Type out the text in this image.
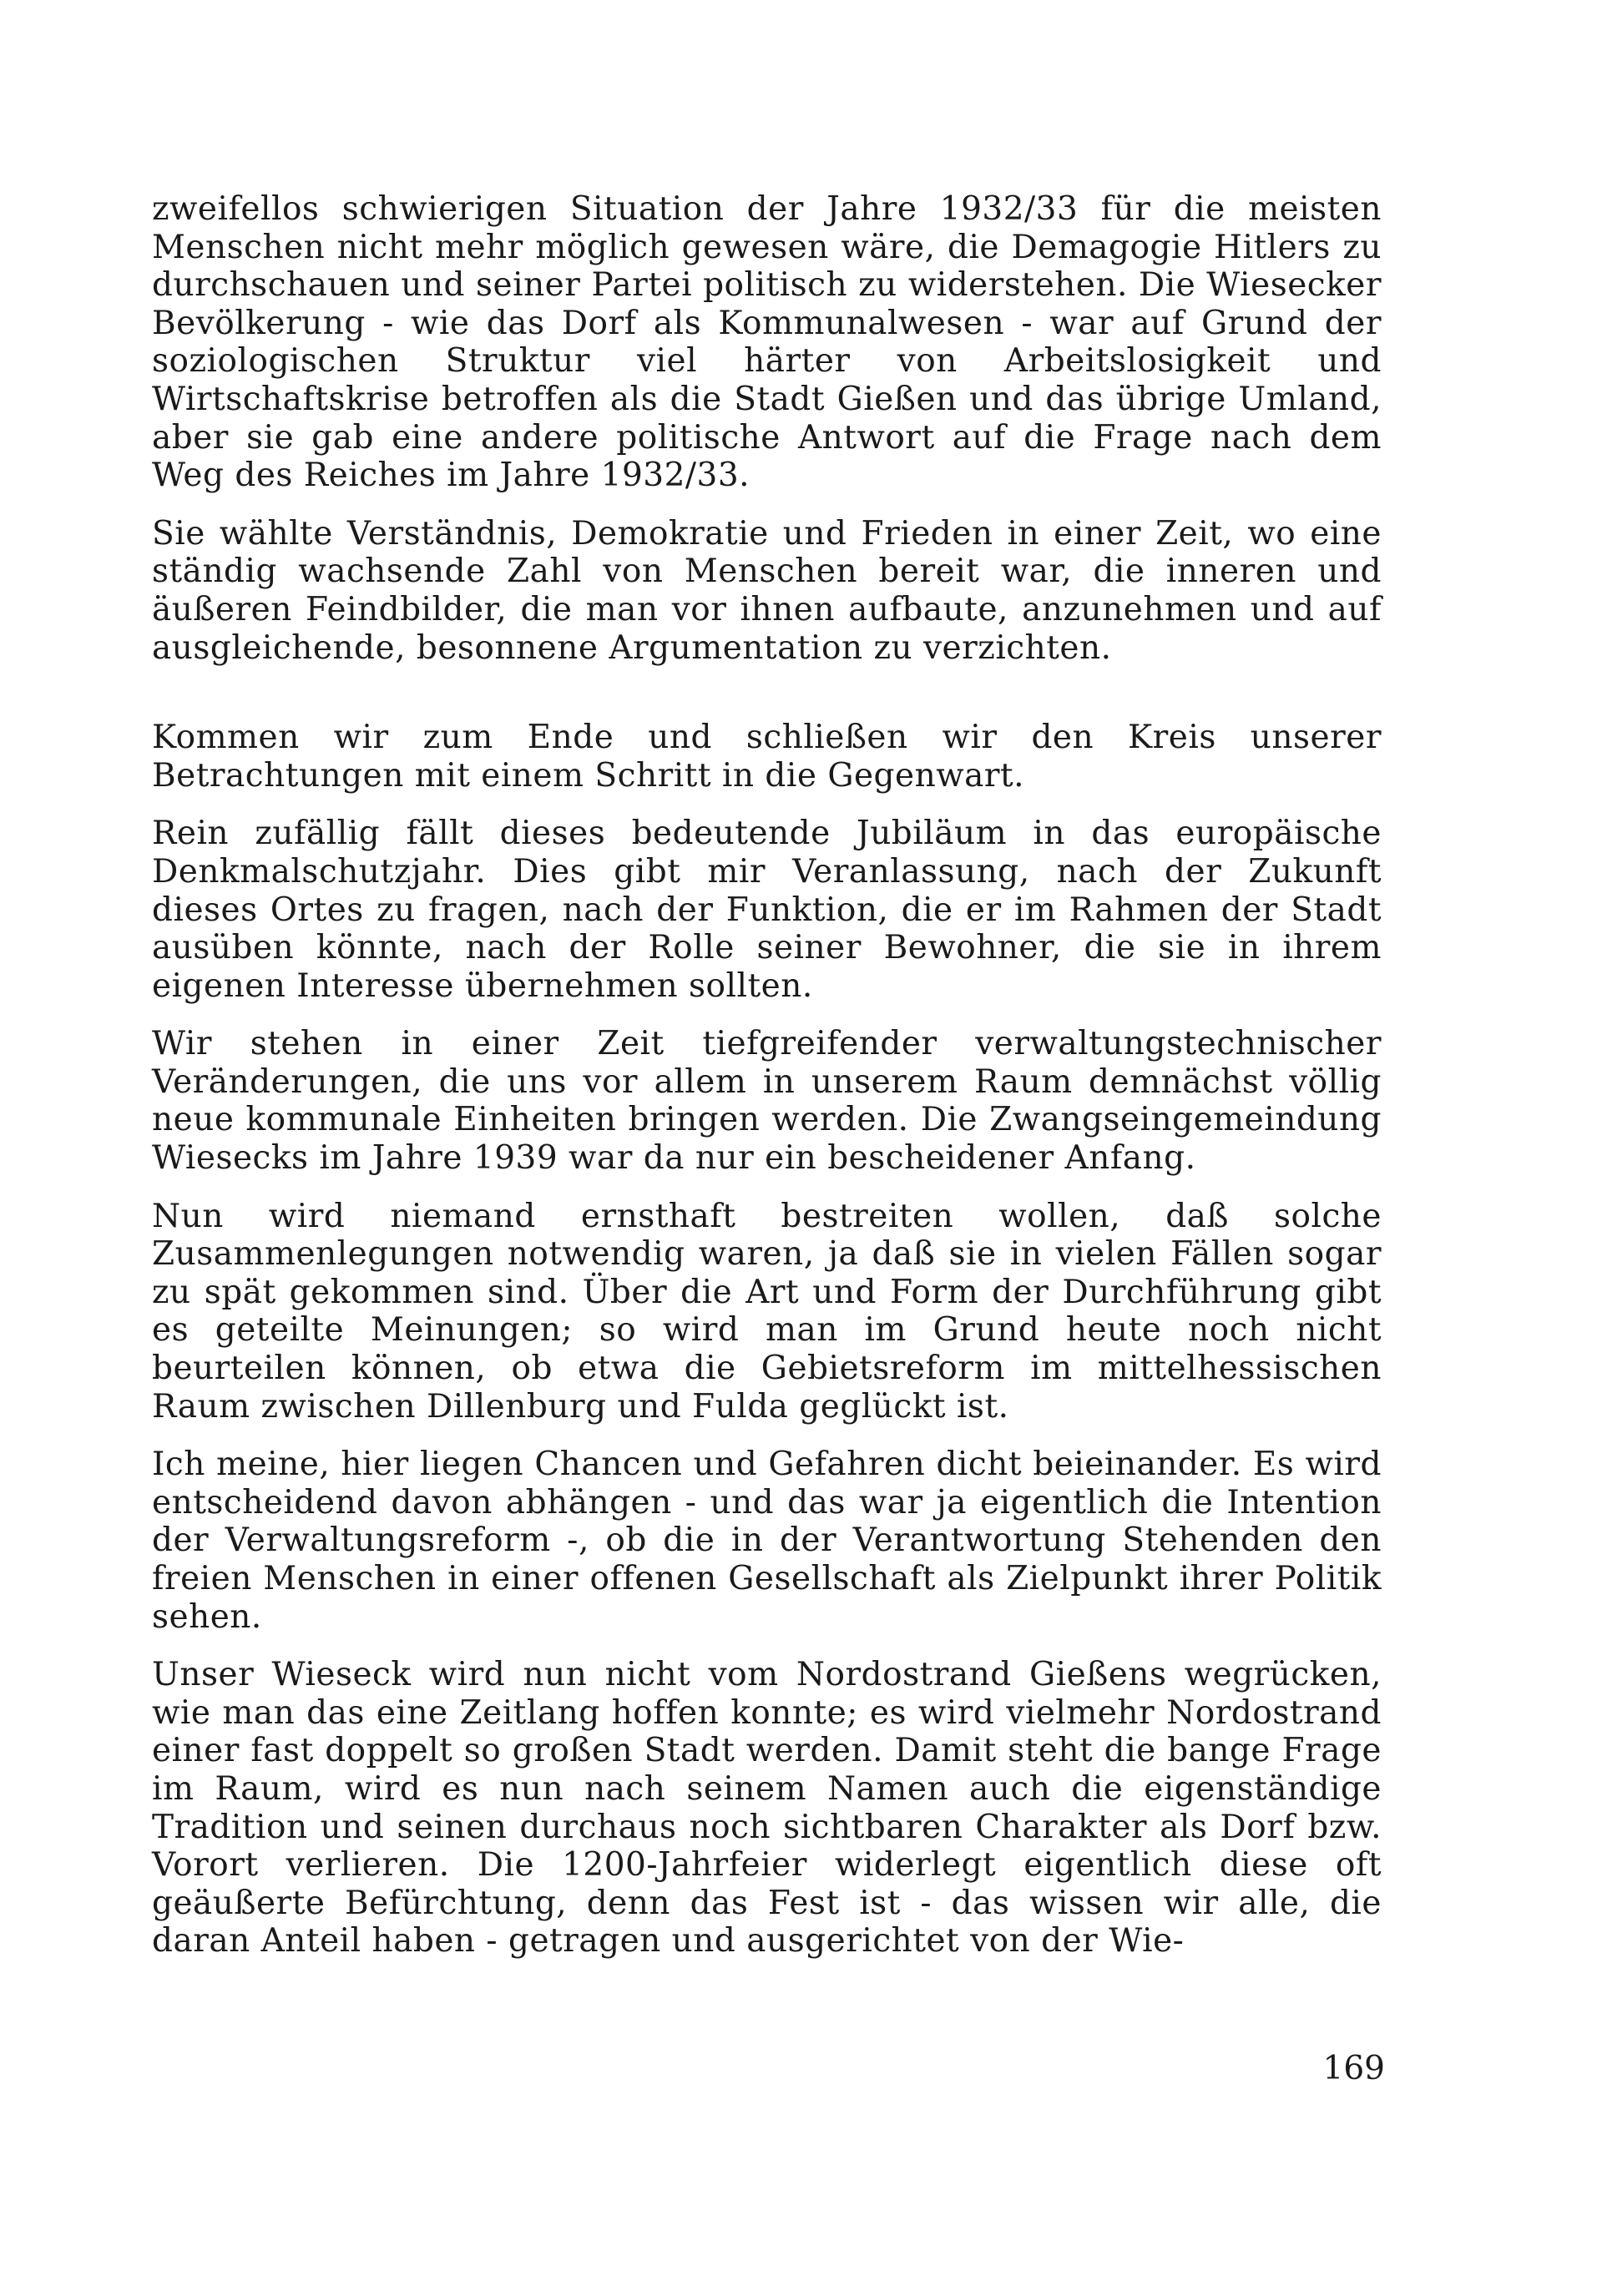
zweifellos schwierigen Situation der Jahre 1932/33 für die meisten Menschen nicht mehr möglich gewesen wäre, die Demagogie Hitlers zu durchschauen und seiner Partei politisch zu widerstehen. Die Wiesecker Bevölkerung - wie das Dorf als Kommunalwesen - war auf Grund der soziologischen Struktur viel härter von Arbeitslosigkeit und Wirtschaftskrise betroffen als die Stadt Gießen und das übrige Umland, aber sie gab eine andere politische Antwort auf die Frage nach dem Weg des Reiches im Jahre 1932/33.

Sie wählte Verständnis, Demokratie und Frieden in einer Zeit, wo eine ständig wachsende Zahl von Menschen bereit war, die inneren und äußeren Feindbilder, die man vor ihnen aufbaute, anzunehmen und auf ausgleichende, besonnene Argumentation zu verzichten.

Kommen wir zum Ende und schließen wir den Kreis unserer Betrachtungen mit einem Schritt in die Gegenwart.

Rein zufällig fällt dieses bedeutende Jubiläum in das europäische Denkmalschutzjahr. Dies gibt mir Veranlassung, nach der Zukunft dieses Ortes zu fragen, nach der Funktion, die er im Rahmen der Stadt ausüben könnte, nach der Rolle seiner Bewohner, die sie in ihrem eigenen Interesse übernehmen sollten.

Wir stehen in einer Zeit tiefgreifender verwaltungstechnischer Veränderungen, die uns vor allem in unserem Raum demnächst völlig neue kommunale Einheiten bringen werden. Die Zwangseingemeindung Wiesecks im Jahre 1939 war da nur ein bescheidener Anfang.

Nun wird niemand ernsthaft bestreiten wollen, daß solche Zusammenlegungen notwendig waren, ja daß sie in vielen Fällen sogar zu spät gekommen sind. Über die Art und Form der Durchführung gibt es geteilte Meinungen; so wird man im Grund heute noch nicht beurteilen können, ob etwa die Gebietsreform im mittelhessischen Raum zwischen Dillenburg und Fulda geglückt ist.

Ich meine, hier liegen Chancen und Gefahren dicht beieinander. Es wird entscheidend davon abhängen - und das war ja eigentlich die Intention der Verwaltungsreform -, ob die in der Verantwortung Stehenden den freien Menschen in einer offenen Gesellschaft als Zielpunkt ihrer Politik sehen.

Unser Wieseck wird nun nicht vom Nordostrand Gießens wegrücken, wie man das eine Zeitlang hoffen konnte; es wird vielmehr Nordostrand einer fast doppelt so großen Stadt werden. Damit steht die bange Frage im Raum, wird es nun nach seinem Namen auch die eigenständige Tradition und seinen durchaus noch sichtbaren Charakter als Dorf bzw. Vorort verlieren. Die 1200-Jahrfeier widerlegt eigentlich diese oft geäußerte Befürchtung, denn das Fest ist - das wissen wir alle, die daran Anteil haben - getragen und ausgerichtet von der Wie-

169
